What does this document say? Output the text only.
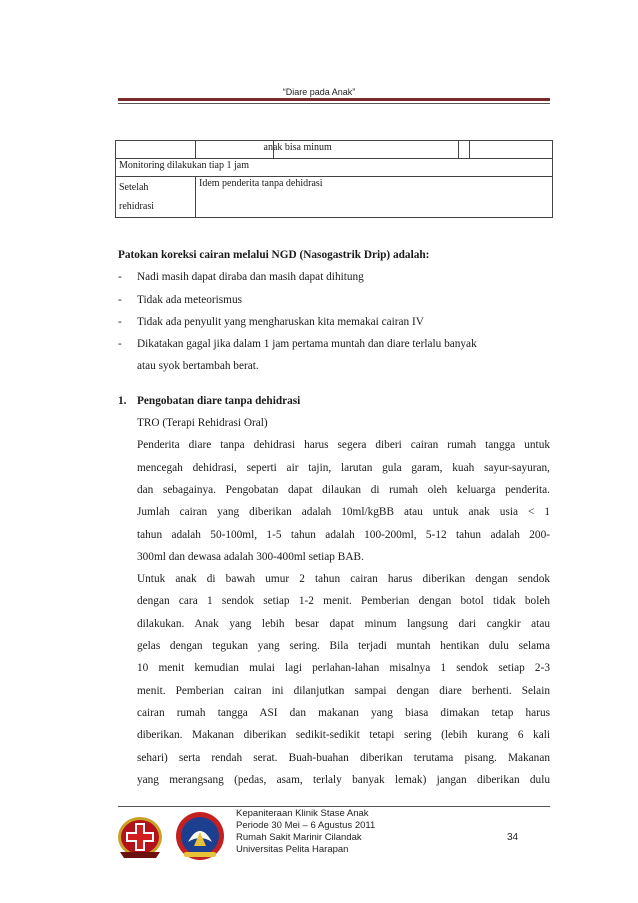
“Diare pada Anak”

			anak bisa minum		

Monitoring dilakukan tiap 1 jam					
Setelah
rehidrasi	Idem penderita tanpa dehidrasi				

Patokan koreksi cairan melalui NGD (Nasogastrik Drip) adalah:

- Nadi masih dapat diraba dan masih dapat dihitung

- Tidak ada meteorismus

- Tidak ada penyulit yang mengharuskan kita memakai cairan IV

- Dikatakan gagal jika dalam 1 jam pertama muntah dan diare terlalu banyak

atau syok bertambah berat.

1. Pengobatan diare tanpa dehidrasi

TRO (Terapi Rehidrasi Oral)

Penderita diare tanpa dehidrasi harus segera diberi cairan rumah tangga untuk

mencegah dehidrasi, seperti air tajin, larutan gula garam, kuah sayur-sayuran,

dan sebagainya. Pengobatan dapat dilaukan di rumah oleh keluarga penderita.

Jumlah cairan yang diberikan adalah 10ml/kgBB atau untuk anak usia < 1

tahun adalah 50-100ml, 1-5 tahun adalah 100-200ml, 5-12 tahun adalah 200-

300ml dan dewasa adalah 300-400ml setiap BAB.

Untuk anak di bawah umur 2 tahun cairan harus diberikan dengan sendok

dengan cara 1 sendok setiap 1-2 menit. Pemberian dengan botol tidak boleh

dilakukan. Anak yang lebih besar dapat minum langsung dari cangkir atau

gelas dengan tegukan yang sering. Bila terjadi muntah hentikan dulu selama

10 menit kemudian mulai lagi perlahan-lahan misalnya 1 sendok setiap 2-3

menit. Pemberian cairan ini dilanjutkan sampai dengan diare berhenti. Selain

cairan rumah tangga ASI dan makanan yang biasa dimakan tetap harus

diberikan. Makanan diberikan sedikit-sedikit tetapi sering (lebih kurang 6 kali

sehari) serta rendah serat. Buah-buahan diberikan terutama pisang. Makanan

yang merangsang (pedas, asam, terlaly banyak lemak) jangan diberikan dulu

Kepaniteraan Klinik Stase Anak
Periode 30 Mei – 6 Agustus 2011
Rumah Sakit Marinir Cilandak
Universitas Pelita Harapan
34
